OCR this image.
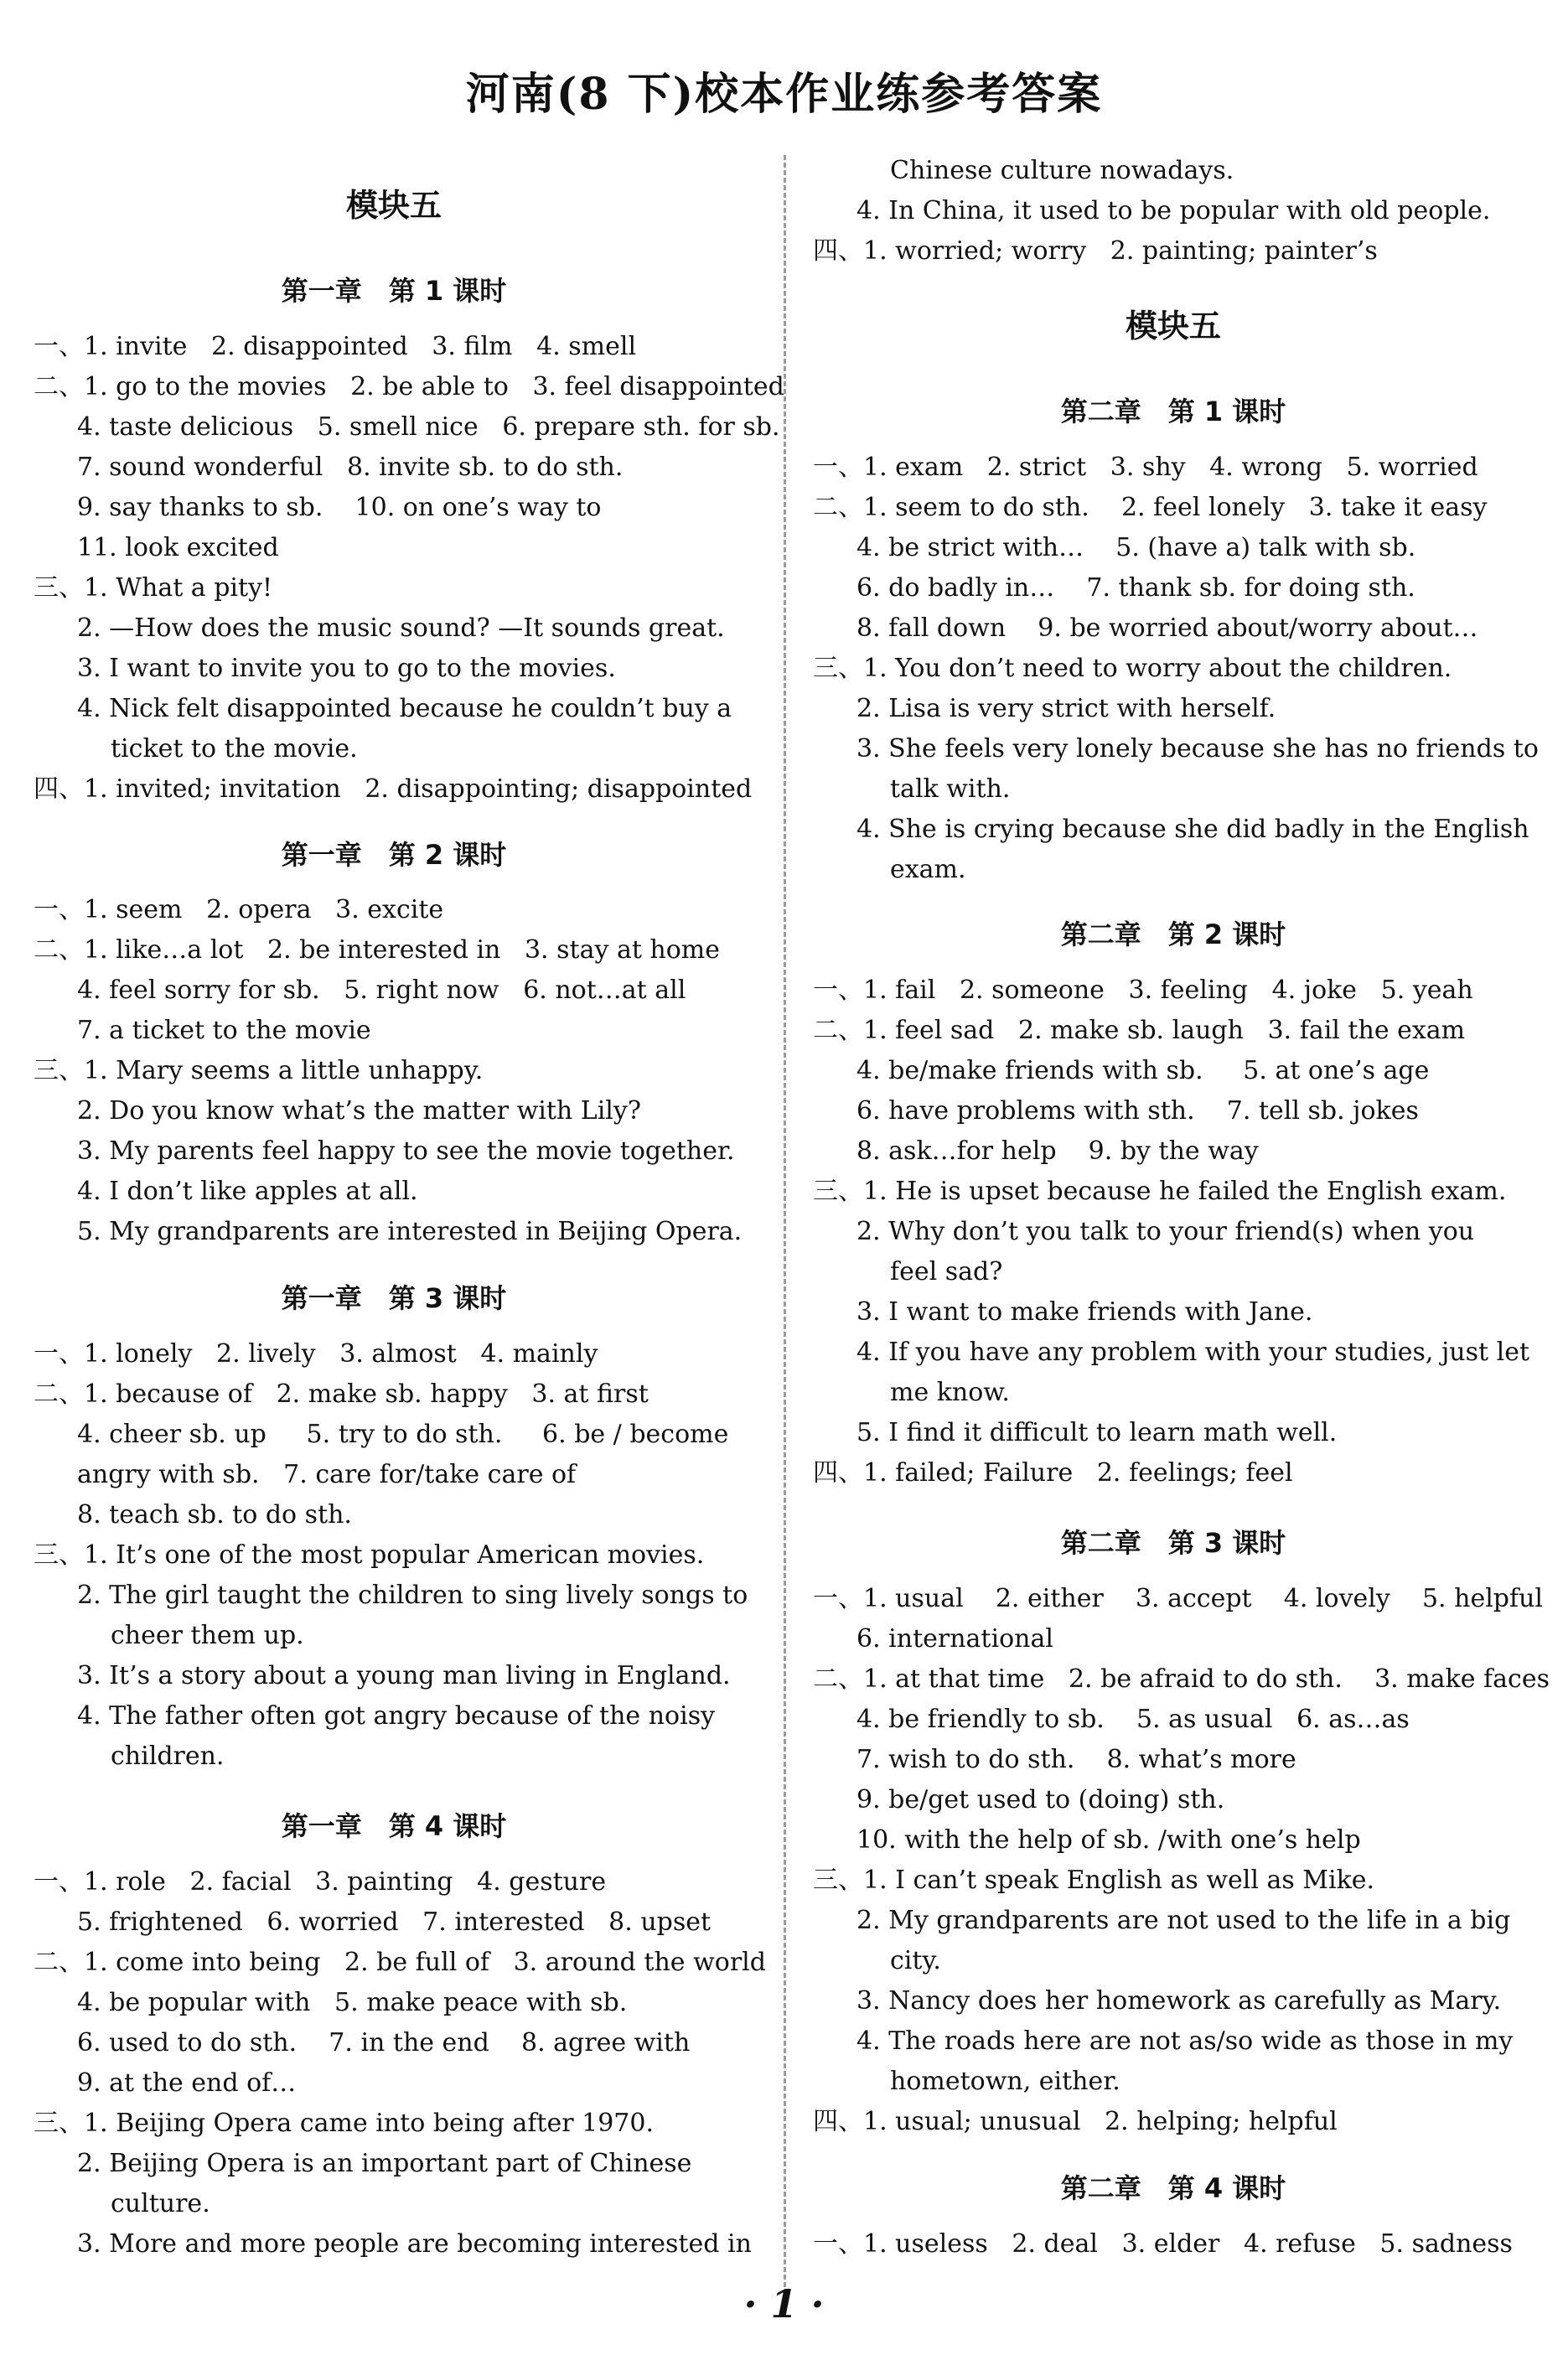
河南(8 下)校本作业练参考答案
模块五
第一章　第 1 课时
一、1. invite   2. disappointed   3. film   4. smell
二、1. go to the movies   2. be able to   3. feel disappointed
4. taste delicious   5. smell nice   6. prepare sth. for sb.
7. sound wonderful   8. invite sb. to do sth.
9. say thanks to sb.    10. on one’s way to
11. look excited
三、1. What a pity!
2. —How does the music sound? —It sounds great.
3. I want to invite you to go to the movies.
4. Nick felt disappointed because he couldn’t buy a
ticket to the movie.
四、1. invited; invitation   2. disappointing; disappointed
第一章　第 2 课时
一、1. seem   2. opera   3. excite
二、1. like…a lot   2. be interested in   3. stay at home
4. feel sorry for sb.   5. right now   6. not…at all
7. a ticket to the movie
三、1. Mary seems a little unhappy.
2. Do you know what’s the matter with Lily?
3. My parents feel happy to see the movie together.
4. I don’t like apples at all.
5. My grandparents are interested in Beijing Opera.
第一章　第 3 课时
一、1. lonely   2. lively   3. almost   4. mainly
二、1. because of   2. make sb. happy   3. at first
4. cheer sb. up     5. try to do sth.     6. be / become
angry with sb.   7. care for/take care of
8. teach sb. to do sth.
三、1. It’s one of the most popular American movies.
2. The girl taught the children to sing lively songs to
cheer them up.
3. It’s a story about a young man living in England.
4. The father often got angry because of the noisy
children.
第一章　第 4 课时
一、1. role   2. facial   3. painting   4. gesture
5. frightened   6. worried   7. interested   8. upset
二、1. come into being   2. be full of   3. around the world
4. be popular with   5. make peace with sb.
6. used to do sth.    7. in the end    8. agree with
9. at the end of…
三、1. Beijing Opera came into being after 1970.
2. Beijing Opera is an important part of Chinese
culture.
3. More and more people are becoming interested in
Chinese culture nowadays.
4. In China, it used to be popular with old people.
四、1. worried; worry   2. painting; painter’s
模块五
第二章　第 1 课时
一、1. exam   2. strict   3. shy   4. wrong   5. worried
二、1. seem to do sth.    2. feel lonely   3. take it easy
4. be strict with…    5. (have a) talk with sb.
6. do badly in…    7. thank sb. for doing sth.
8. fall down    9. be worried about/worry about…
三、1. You don’t need to worry about the children.
2. Lisa is very strict with herself.
3. She feels very lonely because she has no friends to
talk with.
4. She is crying because she did badly in the English
exam.
第二章　第 2 课时
一、1. fail   2. someone   3. feeling   4. joke   5. yeah
二、1. feel sad   2. make sb. laugh   3. fail the exam
4. be/make friends with sb.     5. at one’s age
6. have problems with sth.    7. tell sb. jokes
8. ask…for help    9. by the way
三、1. He is upset because he failed the English exam.
2. Why don’t you talk to your friend(s) when you
feel sad?
3. I want to make friends with Jane.
4. If you have any problem with your studies, just let
me know.
5. I find it difficult to learn math well.
四、1. failed; Failure   2. feelings; feel
第二章　第 3 课时
一、1. usual    2. either    3. accept    4. lovely    5. helpful
6. international
二、1. at that time   2. be afraid to do sth.    3. make faces
4. be friendly to sb.    5. as usual   6. as…as
7. wish to do sth.    8. what’s more
9. be/get used to (doing) sth.
10. with the help of sb. /with one’s help
三、1. I can’t speak English as well as Mike.
2. My grandparents are not used to the life in a big
city.
3. Nancy does her homework as carefully as Mary.
4. The roads here are not as/so wide as those in my
hometown, either.
四、1. usual; unusual   2. helping; helpful
第二章　第 4 课时
一、1. useless   2. deal   3. elder   4. refuse   5. sadness
· 1 ·
